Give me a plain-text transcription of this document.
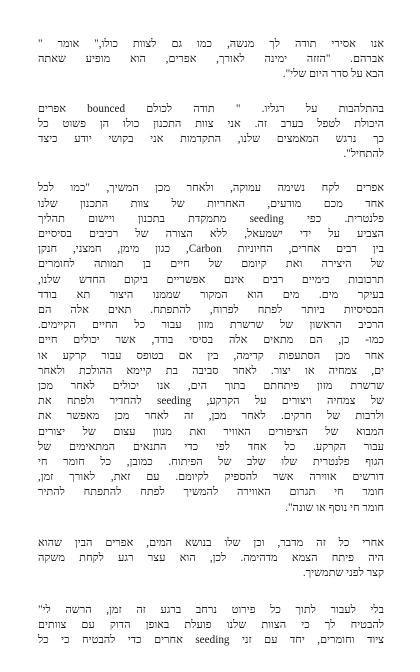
אנו אסירי תודה לך מנשה, כמו גם לצוות כולו," אומר "
אברהם. "הזזה ימינה לאורך, אפרים, הוא מופיע שאתה
הבא על סדר היום שלי".

בהתלהבות על רגליו. " תודה לכולם bounced אפרים
היכולת לטפל בערב זה. אני צוות התכנון כולו הן פשוט כל
כך נרגש המאמצים שלנו, התקדמות אני בקושי יודע כיצד
להתחיל".

אפרים לקח נשימה עמוקה, ולאחר מכן המשיך, "כמו לכל
אחד מכם מודעים, האחריות של צוות התכנון שלנו
פלנטרית. כפי seeding מתמקדת בתכנון ויישום תהליך
הצביע על ידי ישמעאל, ללא הצורה של רכיבים בסיסיים
בין רבים אחרים, החיוניות Carbon, כגון מימן, חמצני, חנקן
של היצירה ואת קיומם של חיים בן תמותה לחומרים
תרכובות כימיים רבים אינם אפשריים ביקום החדש שלנו,
בעיקר מים. מים הוא המקור שממנו היצור תא בודד
הבסיסיות ביותר לפתח לפרוח, להתפתח. תאים אלה הם
הרכיב הראשון של שרשרת מזון עבור כל החיים הקיימים.
כמו- כן, הם מתאים אלה בסיסי בודד, אשר יכולים חיים
אחר מכן הסתעפות קדימה, בין אם בטופס עבור קרקע או
ים, צמחיה או יצור. לאחר סביבה בת קיימא ההולכת ולאחר
שרשרת מזון פיתחתם בתוך הים, אנו יכולים לאחר מכן
של צמחיה ויצורים על הקרקע, seeding להחדיר ולפתח את
ולרבות של חרקים. לאחר מכן, זה לאחר מכן מאפשר את
המבוא של הציפורים האוויר ואת מגוון עצום של יצורים
עבור הקרקע. כל אחד לפי כדי התנאים המתאימים של
הגוף פלנטרית שלו שלב של הפיתוח. כמובן, כל חומר חי
דורשים אווירה אשר להספיק לקיומם. עם זאת, לאורך זמן,
חומר חי תגרום האווירה להמשיך לפתח להתפתח להתיר
חומר חי נוסף או שונה".

אחרי כל זה מדבר, וכן שלו בנושא המים, אפרים הבין שהוא
היה פיתח הצמא מדהימה. לכן, הוא עצר רגע לקחת משקה
קצר לפני שתמשיך.

בלי לעבור לתוך כל פירוט נרחב ברגע זה זמן, הרשה לי"
להבטיח לך כי הצוות שלנו פועלת באופן הדוק עם צוותים
ציוד וחומרים, יחד עם זני seeding אחרים כדי להבטיח כי כל
